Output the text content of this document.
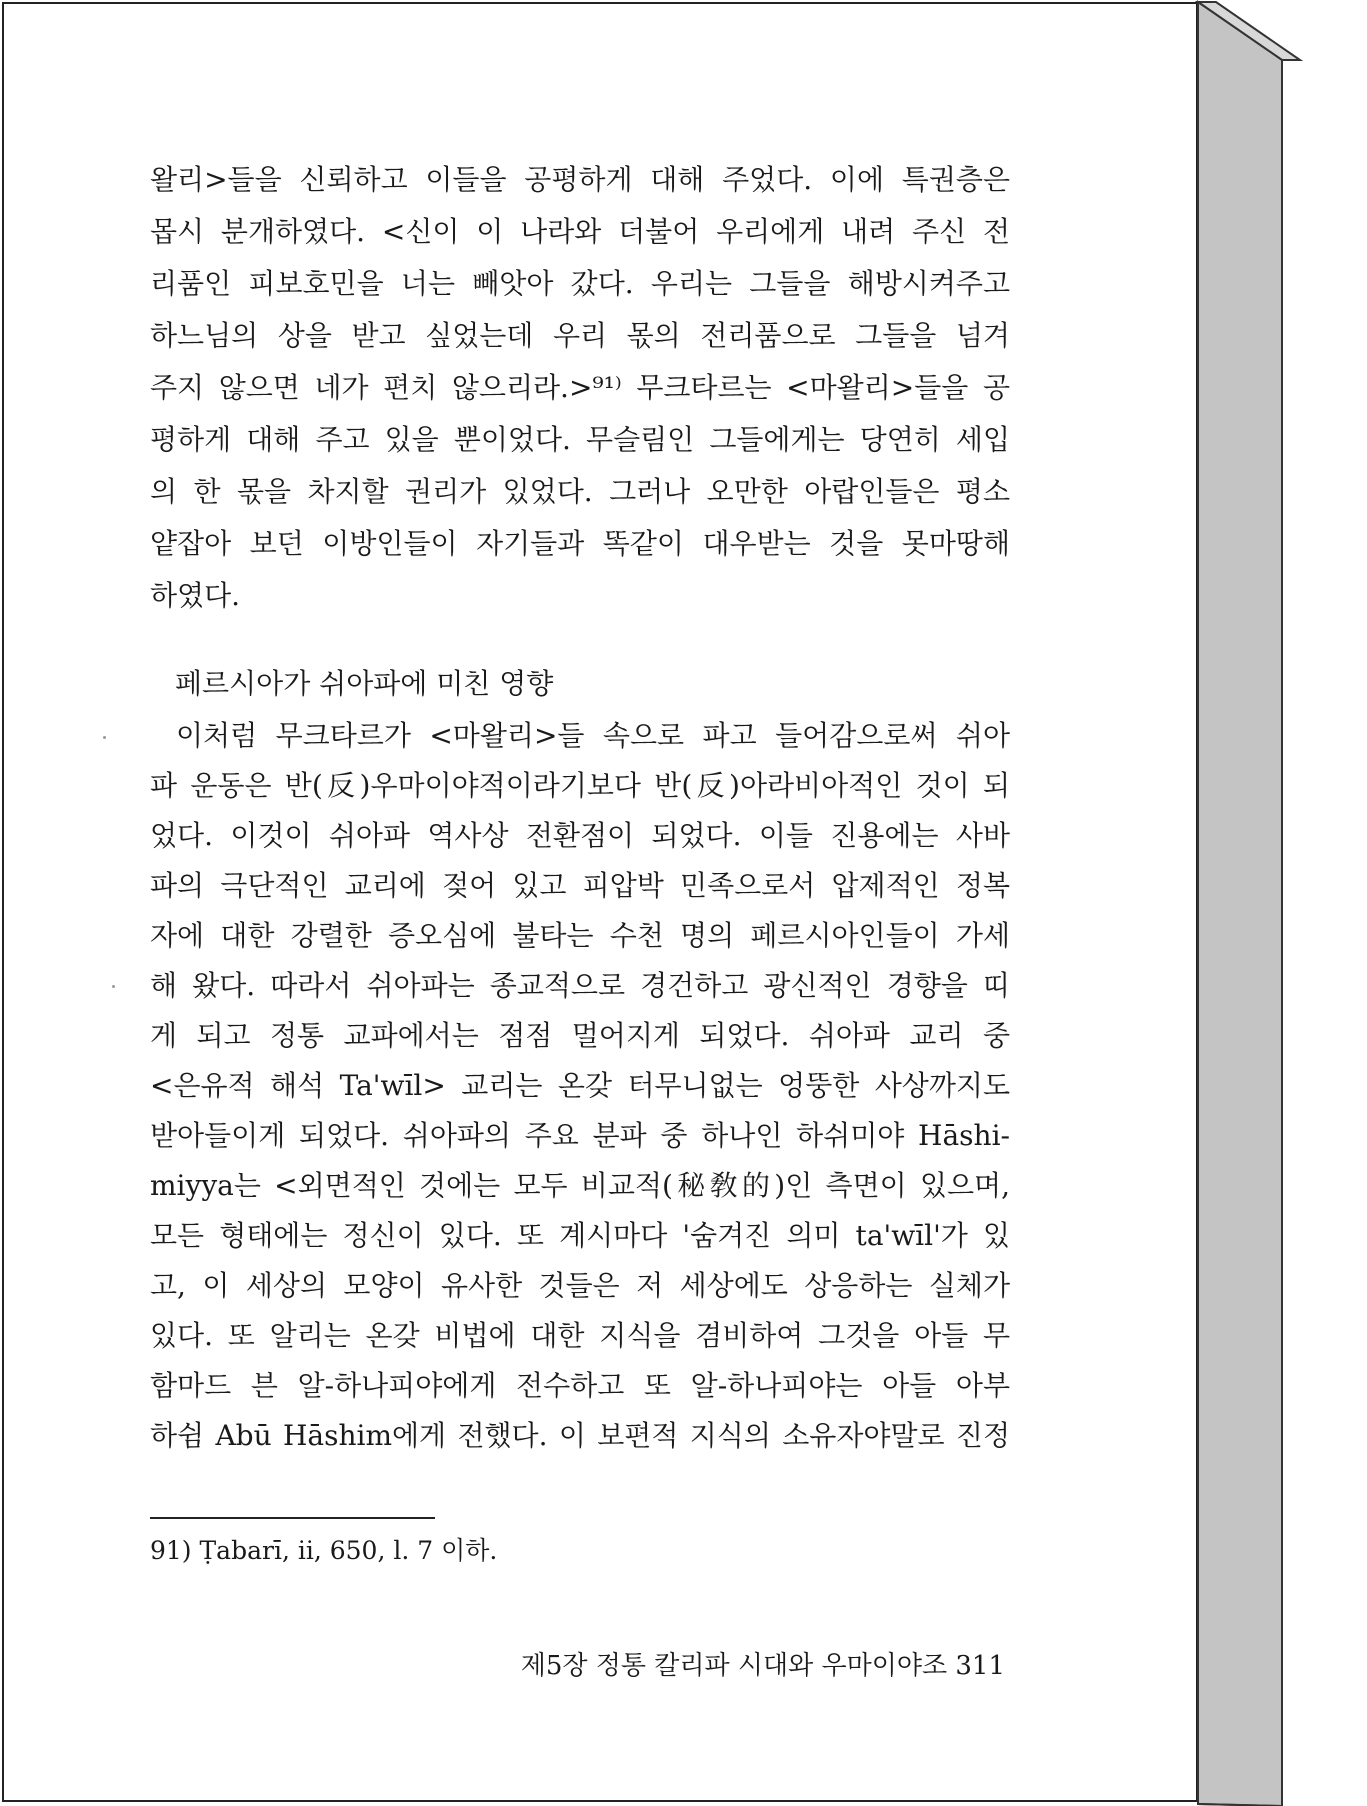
왈리>들을 신뢰하고 이들을 공평하게 대해 주었다. 이에 특권층은
몹시 분개하였다. <신이 이 나라와 더불어 우리에게 내려 주신 전
리품인 피보호민을 너는 빼앗아 갔다. 우리는 그들을 해방시켜주고
하느님의 상을 받고 싶었는데 우리 몫의 전리품으로 그들을 넘겨
주지 않으면 네가 편치 않으리라.>⁹¹⁾ 무크타르는 <마왈리>들을 공
평하게 대해 주고 있을 뿐이었다. 무슬림인 그들에게는 당연히 세입
의 한 몫을 차지할 권리가 있었다. 그러나 오만한 아랍인들은 평소
얕잡아 보던 이방인들이 자기들과 똑같이 대우받는 것을 못마땅해
하였다.
페르시아가 쉬아파에 미친 영향
이처럼 무크타르가 <마왈리>들 속으로 파고 들어감으로써 쉬아
파 운동은 반(反)우마이야적이라기보다 반(反)아라비아적인 것이 되
었다. 이것이 쉬아파 역사상 전환점이 되었다. 이들 진용에는 사바
파의 극단적인 교리에 젖어 있고 피압박 민족으로서 압제적인 정복
자에 대한 강렬한 증오심에 불타는 수천 명의 페르시아인들이 가세
해 왔다. 따라서 쉬아파는 종교적으로 경건하고 광신적인 경향을 띠
게 되고 정통 교파에서는 점점 멀어지게 되었다. 쉬아파 교리 중
<은유적 해석 Ta'wīl> 교리는 온갖 터무니없는 엉뚱한 사상까지도
받아들이게 되었다. 쉬아파의 주요 분파 중 하나인 하쉬미야 Hāshi-
miyya는 <외면적인 것에는 모두 비교적(秘敎的)인 측면이 있으며,
모든 형태에는 정신이 있다. 또 계시마다 '숨겨진 의미 ta'wīl'가 있
고, 이 세상의 모양이 유사한 것들은 저 세상에도 상응하는 실체가
있다. 또 알리는 온갖 비법에 대한 지식을 겸비하여 그것을 아들 무
함마드 븐 알-하나피야에게 전수하고 또 알-하나피야는 아들 아부
하쉼 Abū Hāshim에게 전했다. 이 보편적 지식의 소유자야말로 진정
91) Ṭabarī, ii, 650, l. 7 이하.
제5장 정통 칼리파 시대와 우마이야조 311
